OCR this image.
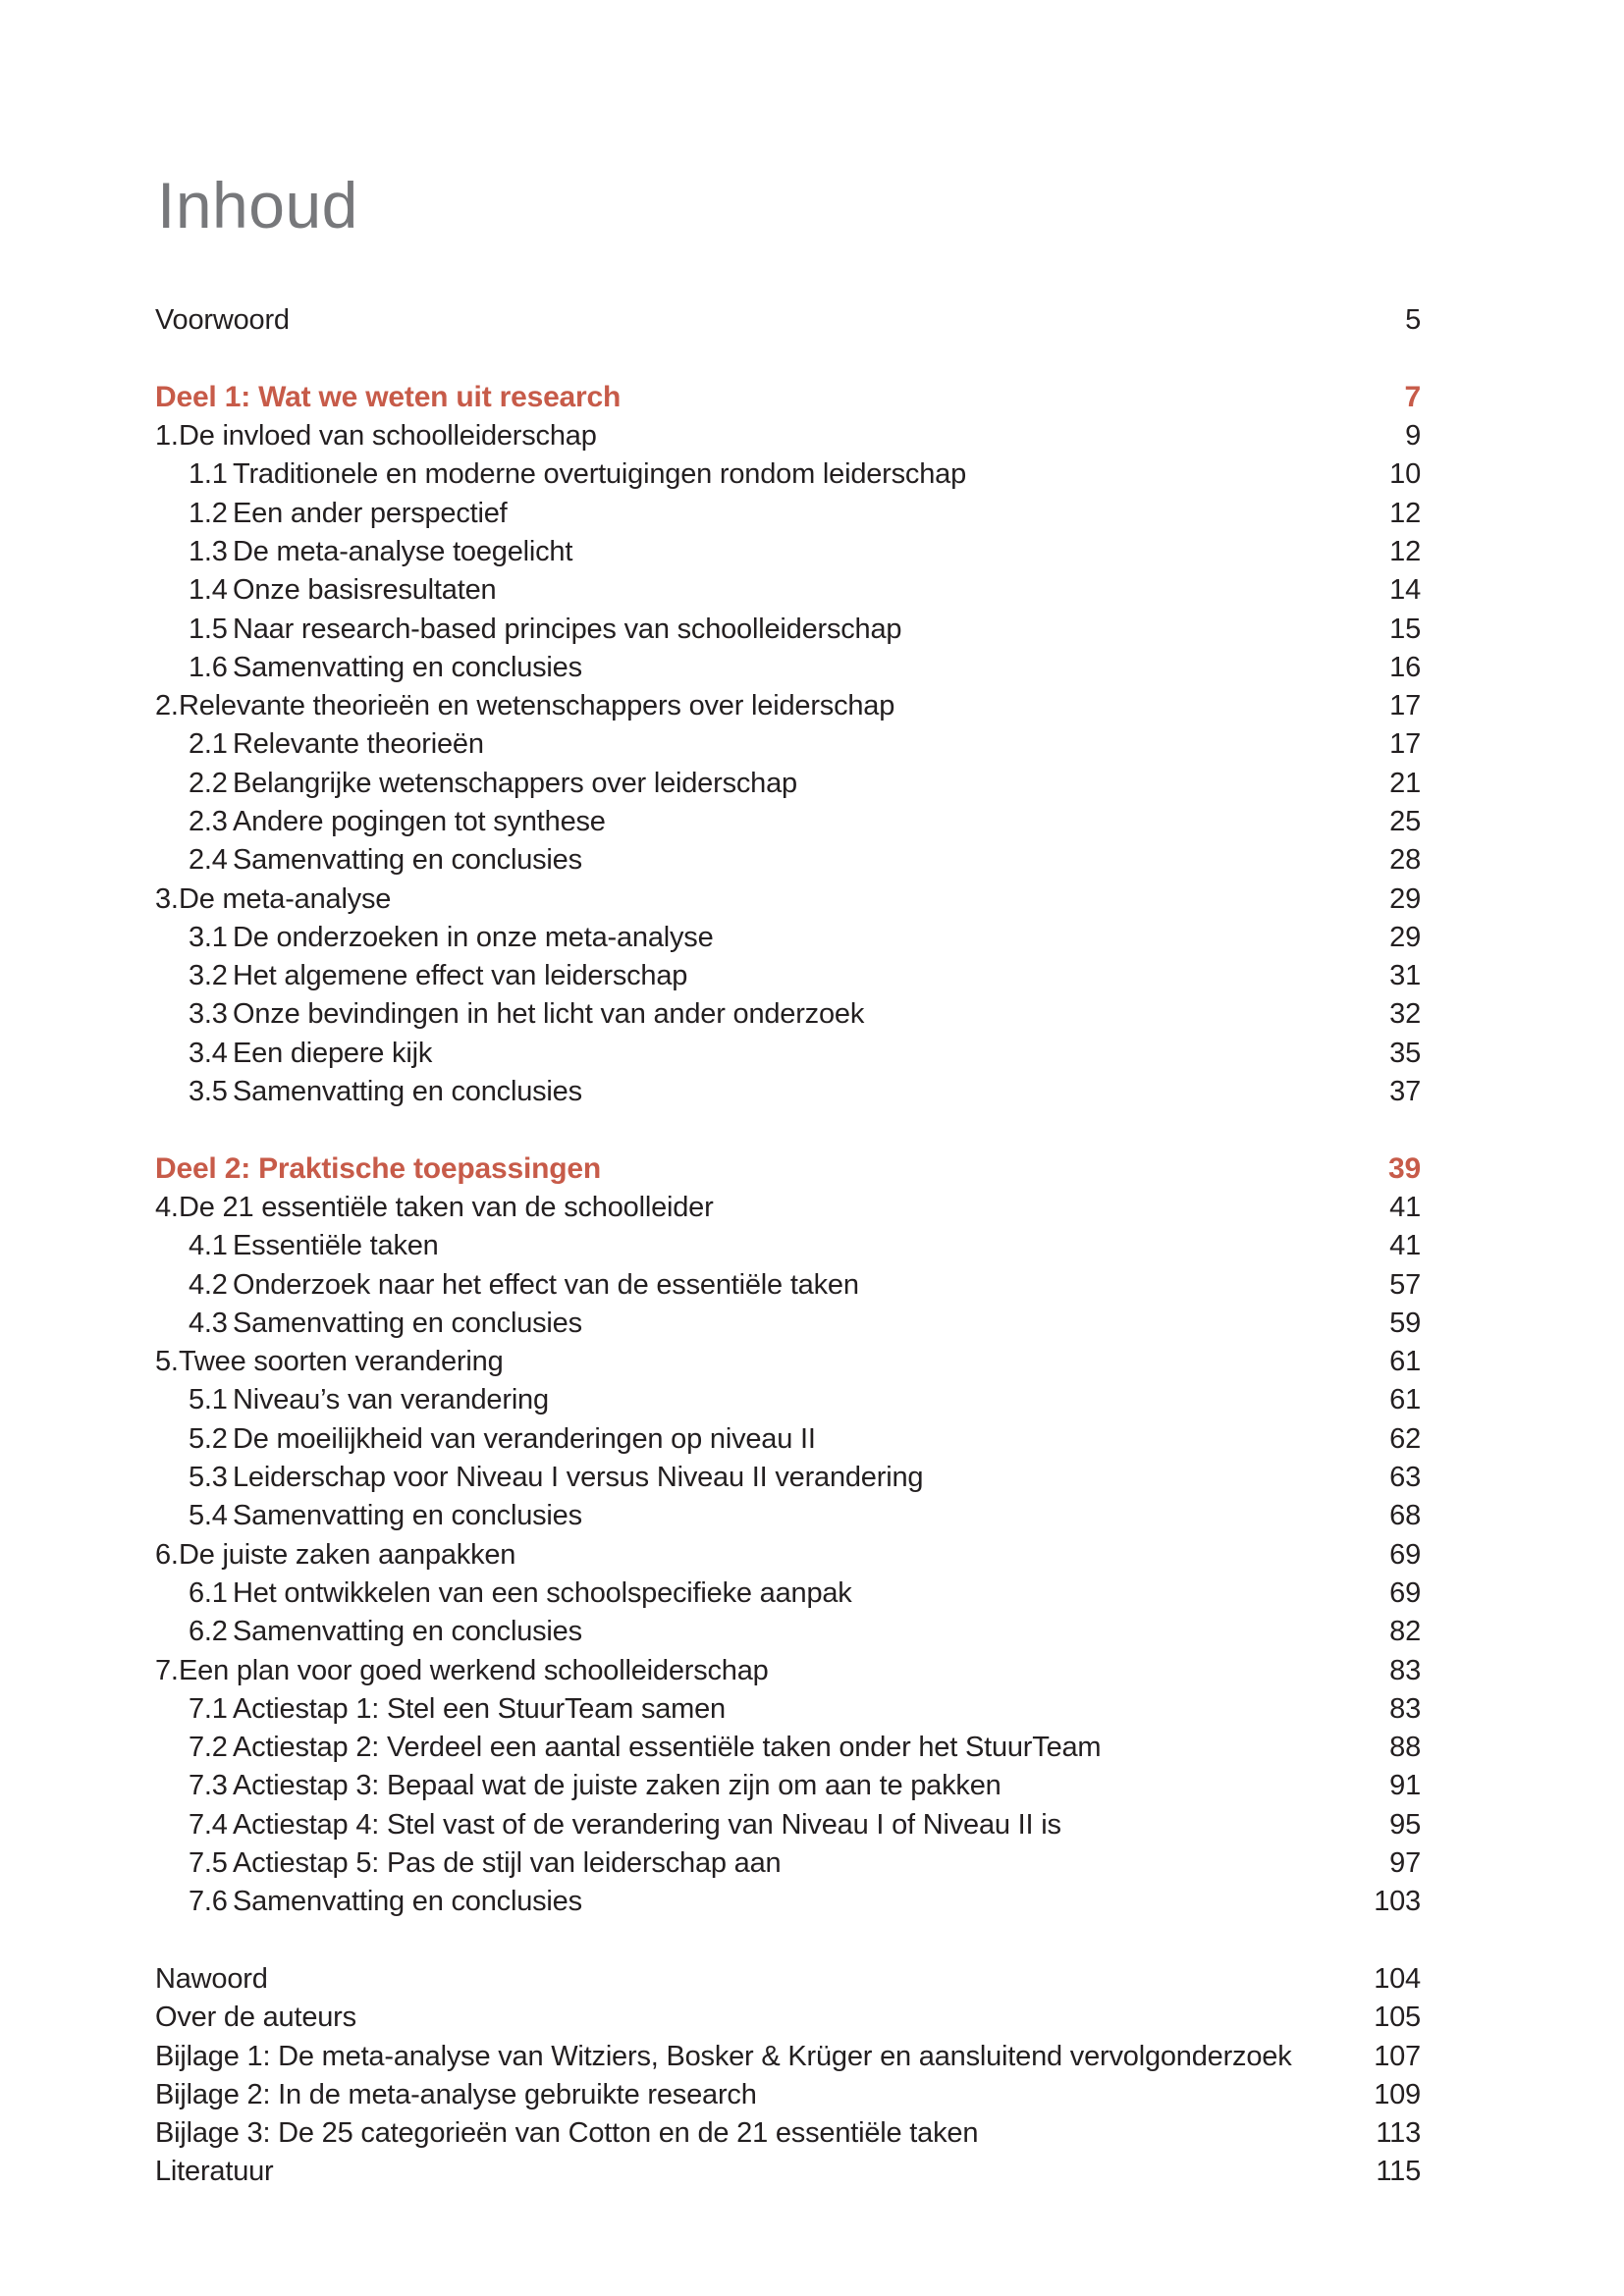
Inhoud
Voorwoord	5
Deel 1: Wat we weten uit research	7
1. De invloed van schoolleiderschap	9
1.1 Traditionele en moderne overtuigingen rondom leiderschap	10
1.2 Een ander perspectief	12
1.3 De meta-analyse toegelicht	12
1.4 Onze basisresultaten	14
1.5 Naar research-based principes van schoolleiderschap	15
1.6 Samenvatting en conclusies	16
2. Relevante theorieën en wetenschappers over leiderschap	17
2.1 Relevante theorieën	17
2.2 Belangrijke wetenschappers over leiderschap	21
2.3 Andere pogingen tot synthese	25
2.4 Samenvatting en conclusies	28
3. De meta-analyse	29
3.1 De onderzoeken in onze meta-analyse	29
3.2 Het algemene effect van leiderschap	31
3.3 Onze bevindingen in het licht van ander onderzoek	32
3.4 Een diepere kijk	35
3.5 Samenvatting en conclusies	37
Deel 2: Praktische toepassingen	39
4. De 21 essentiële taken van de schoolleider	41
4.1 Essentiële taken	41
4.2 Onderzoek naar het effect van de essentiële taken	57
4.3 Samenvatting en conclusies	59
5. Twee soorten verandering	61
5.1 Niveau’s van verandering	61
5.2 De moeilijkheid van veranderingen op niveau II	62
5.3 Leiderschap voor Niveau I versus Niveau II verandering	63
5.4 Samenvatting en conclusies	68
6. De juiste zaken aanpakken	69
6.1 Het ontwikkelen van een schoolspecifieke aanpak	69
6.2 Samenvatting en conclusies	82
7. Een plan voor goed werkend schoolleiderschap	83
7.1 Actiestap 1: Stel een StuurTeam samen	83
7.2 Actiestap 2: Verdeel een aantal essentiële taken onder het StuurTeam	88
7.3 Actiestap 3: Bepaal wat de juiste zaken zijn om aan te pakken	91
7.4 Actiestap 4: Stel vast of de verandering van Niveau I of Niveau II is	95
7.5 Actiestap 5: Pas de stijl van leiderschap aan	97
7.6 Samenvatting en conclusies	103
Nawoord	104
Over de auteurs	105
Bijlage 1: De meta-analyse van Witziers, Bosker & Krüger en aansluitend vervolgonderzoek	107
Bijlage 2: In de meta-analyse gebruikte research	109
Bijlage 3: De 25 categorieën van Cotton en de 21 essentiële taken	113
Literatuur	115
